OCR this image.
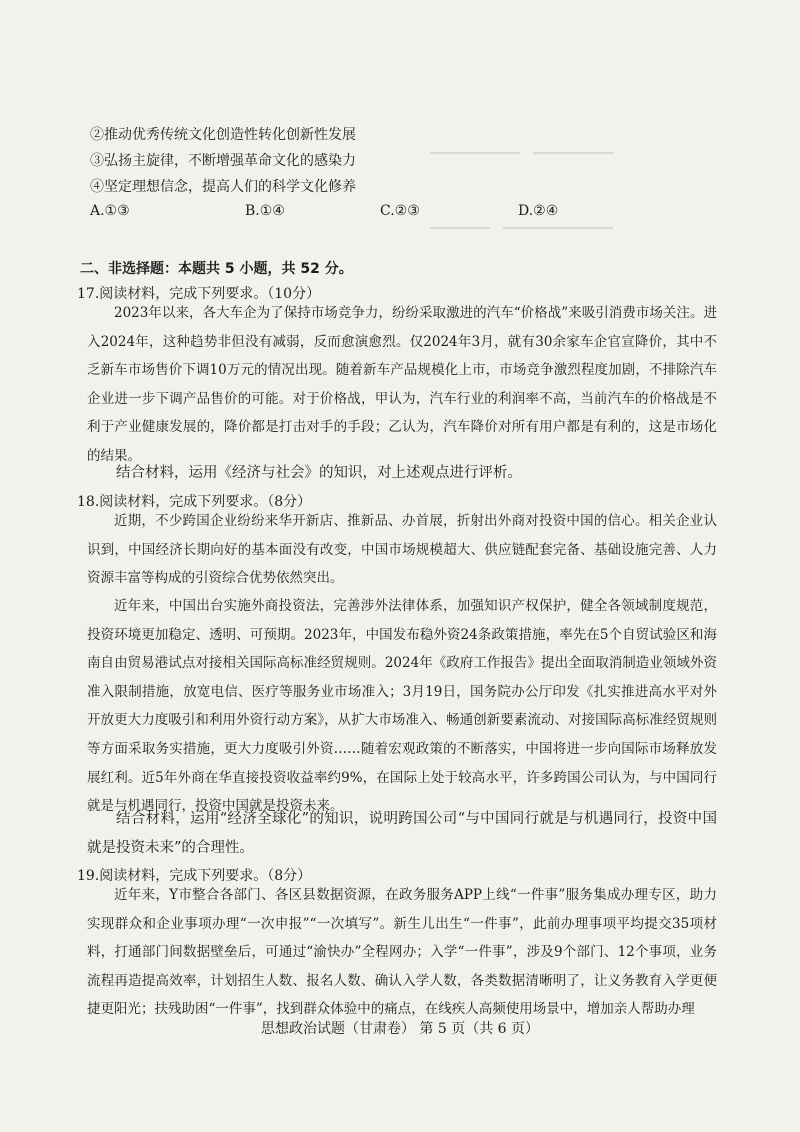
▔▔▔▔▔▔▔▔▔　▔▔▔▔▔▔▔▔
▔▔▔▔▔▔　▔▔▔▔▔▔▔▔▔▔▔
②推动优秀传统文化创造性转化创新性发展
③弘扬主旋律，不断增强革命文化的感染力
④坚定理想信念，提高人们的科学文化修养
A.①③	B.①④	C.②③	D.②④
二、非选择题：本题共 5 小题，共 52 分。
17.阅读材料，完成下列要求。（10分）

2023年以来，各大车企为了保持市场竞争力，纷纷采取激进的汽车“价格战”来吸引消费市场关注。进入2024年，这种趋势非但没有减弱，反而愈演愈烈。仅2024年3月，就有30余家车企官宣降价，其中不乏新车市场售价下调10万元的情况出现。随着新车产品规模化上市，市场竞争激烈程度加剧，不排除汽车企业进一步下调产品售价的可能。对于价格战，甲认为，汽车行业的利润率不高，当前汽车的价格战是不利于产业健康发展的，降价都是打击对手的手段；乙认为，汽车降价对所有用户都是有利的，这是市场化的结果。

结合材料，运用《经济与社会》的知识，对上述观点进行评析。

18.阅读材料，完成下列要求。（8分）

近期，不少跨国企业纷纷来华开新店、推新品、办首展，折射出外商对投资中国的信心。相关企业认识到，中国经济长期向好的基本面没有改变，中国市场规模超大、供应链配套完备、基础设施完善、人力资源丰富等构成的引资综合优势依然突出。

近年来，中国出台实施外商投资法，完善涉外法律体系，加强知识产权保护，健全各领域制度规范，投资环境更加稳定、透明、可预期。2023年，中国发布稳外资24条政策措施，率先在5个自贸试验区和海南自由贸易港试点对接相关国际高标准经贸规则。2024年《政府工作报告》提出全面取消制造业领域外资准入限制措施，放宽电信、医疗等服务业市场准入；3月19日，国务院办公厅印发《扎实推进高水平对外开放更大力度吸引和利用外资行动方案》，从扩大市场准入、畅通创新要素流动、对接国际高标准经贸规则等方面采取务实措施，更大力度吸引外资……随着宏观政策的不断落实，中国将进一步向国际市场释放发展红利。近5年外商在华直接投资收益率约9%，在国际上处于较高水平，许多跨国公司认为，与中国同行就是与机遇同行，投资中国就是投资未来。

结合材料，运用“经济全球化”的知识，说明跨国公司“与中国同行就是与机遇同行，投资中国就是投资未来”的合理性。

19.阅读材料，完成下列要求。（8分）

近年来，Y市整合各部门、各区县数据资源，在政务服务APP上线“一件事”服务集成办理专区，助力实现群众和企业事项办理“一次申报”“一次填写”。新生儿出生“一件事”，此前办理事项平均提交35项材料，打通部门间数据壁垒后，可通过“渝快办”全程网办；入学“一件事”，涉及9个部门、12个事项，业务流程再造提高效率，计划招生人数、报名人数、确认入学人数，各类数据清晰明了，让义务教育入学更便捷更阳光；扶残助困“一件事”，找到群众体验中的痛点，在线疾人高频使用场景中，增加亲人帮助办理

思想政治试题（甘肃卷） 第 5 页（共 6 页）
